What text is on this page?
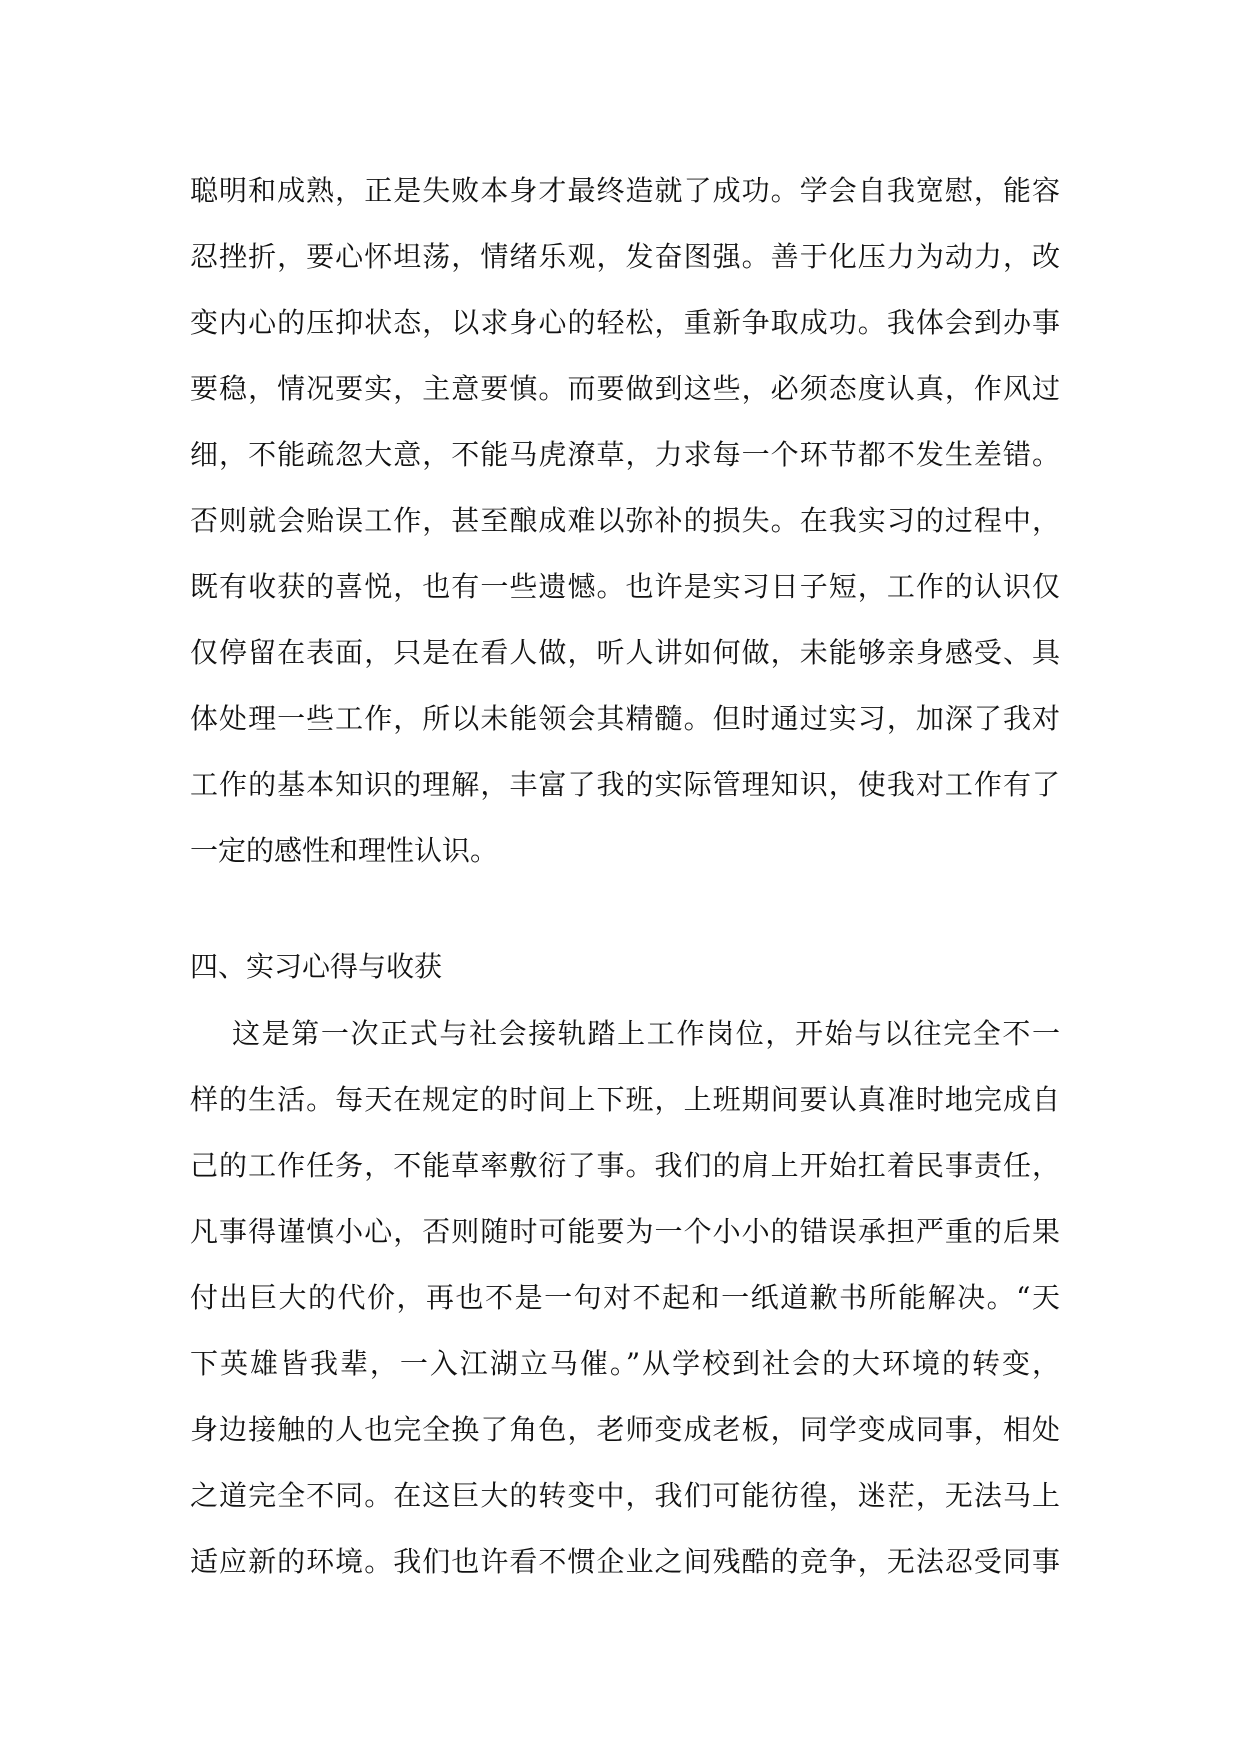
聪明和成熟，正是失败本身才最终造就了成功。学会自我宽慰，能容
忍挫折，要心怀坦荡，情绪乐观，发奋图强。善于化压力为动力，改
变内心的压抑状态，以求身心的轻松，重新争取成功。我体会到办事
要稳，情况要实，主意要慎。而要做到这些，必须态度认真，作风过
细，不能疏忽大意，不能马虎潦草，力求每一个环节都不发生差错。
否则就会贻误工作，甚至酿成难以弥补的损失。在我实习的过程中，
既有收获的喜悦，也有一些遗憾。也许是实习日子短，工作的认识仅
仅停留在表面，只是在看人做，听人讲如何做，未能够亲身感受、具
体处理一些工作，所以未能领会其精髓。但时通过实习，加深了我对
工作的基本知识的理解，丰富了我的实际管理知识，使我对工作有了
一定的感性和理性认识。
四、实习心得与收获
这是第一次正式与社会接轨踏上工作岗位，开始与以往完全不一
样的生活。每天在规定的时间上下班，上班期间要认真准时地完成自
己的工作任务，不能草率敷衍了事。我们的肩上开始扛着民事责任，
凡事得谨慎小心，否则随时可能要为一个小小的错误承担严重的后果
付出巨大的代价，再也不是一句对不起和一纸道歉书所能解决。“天
下英雄皆我辈，一入江湖立马催。”从学校到社会的大环境的转变，
身边接触的人也完全换了角色，老师变成老板，同学变成同事，相处
之道完全不同。在这巨大的转变中，我们可能彷徨，迷茫，无法马上
适应新的环境。我们也许看不惯企业之间残酷的竞争，无法忍受同事
